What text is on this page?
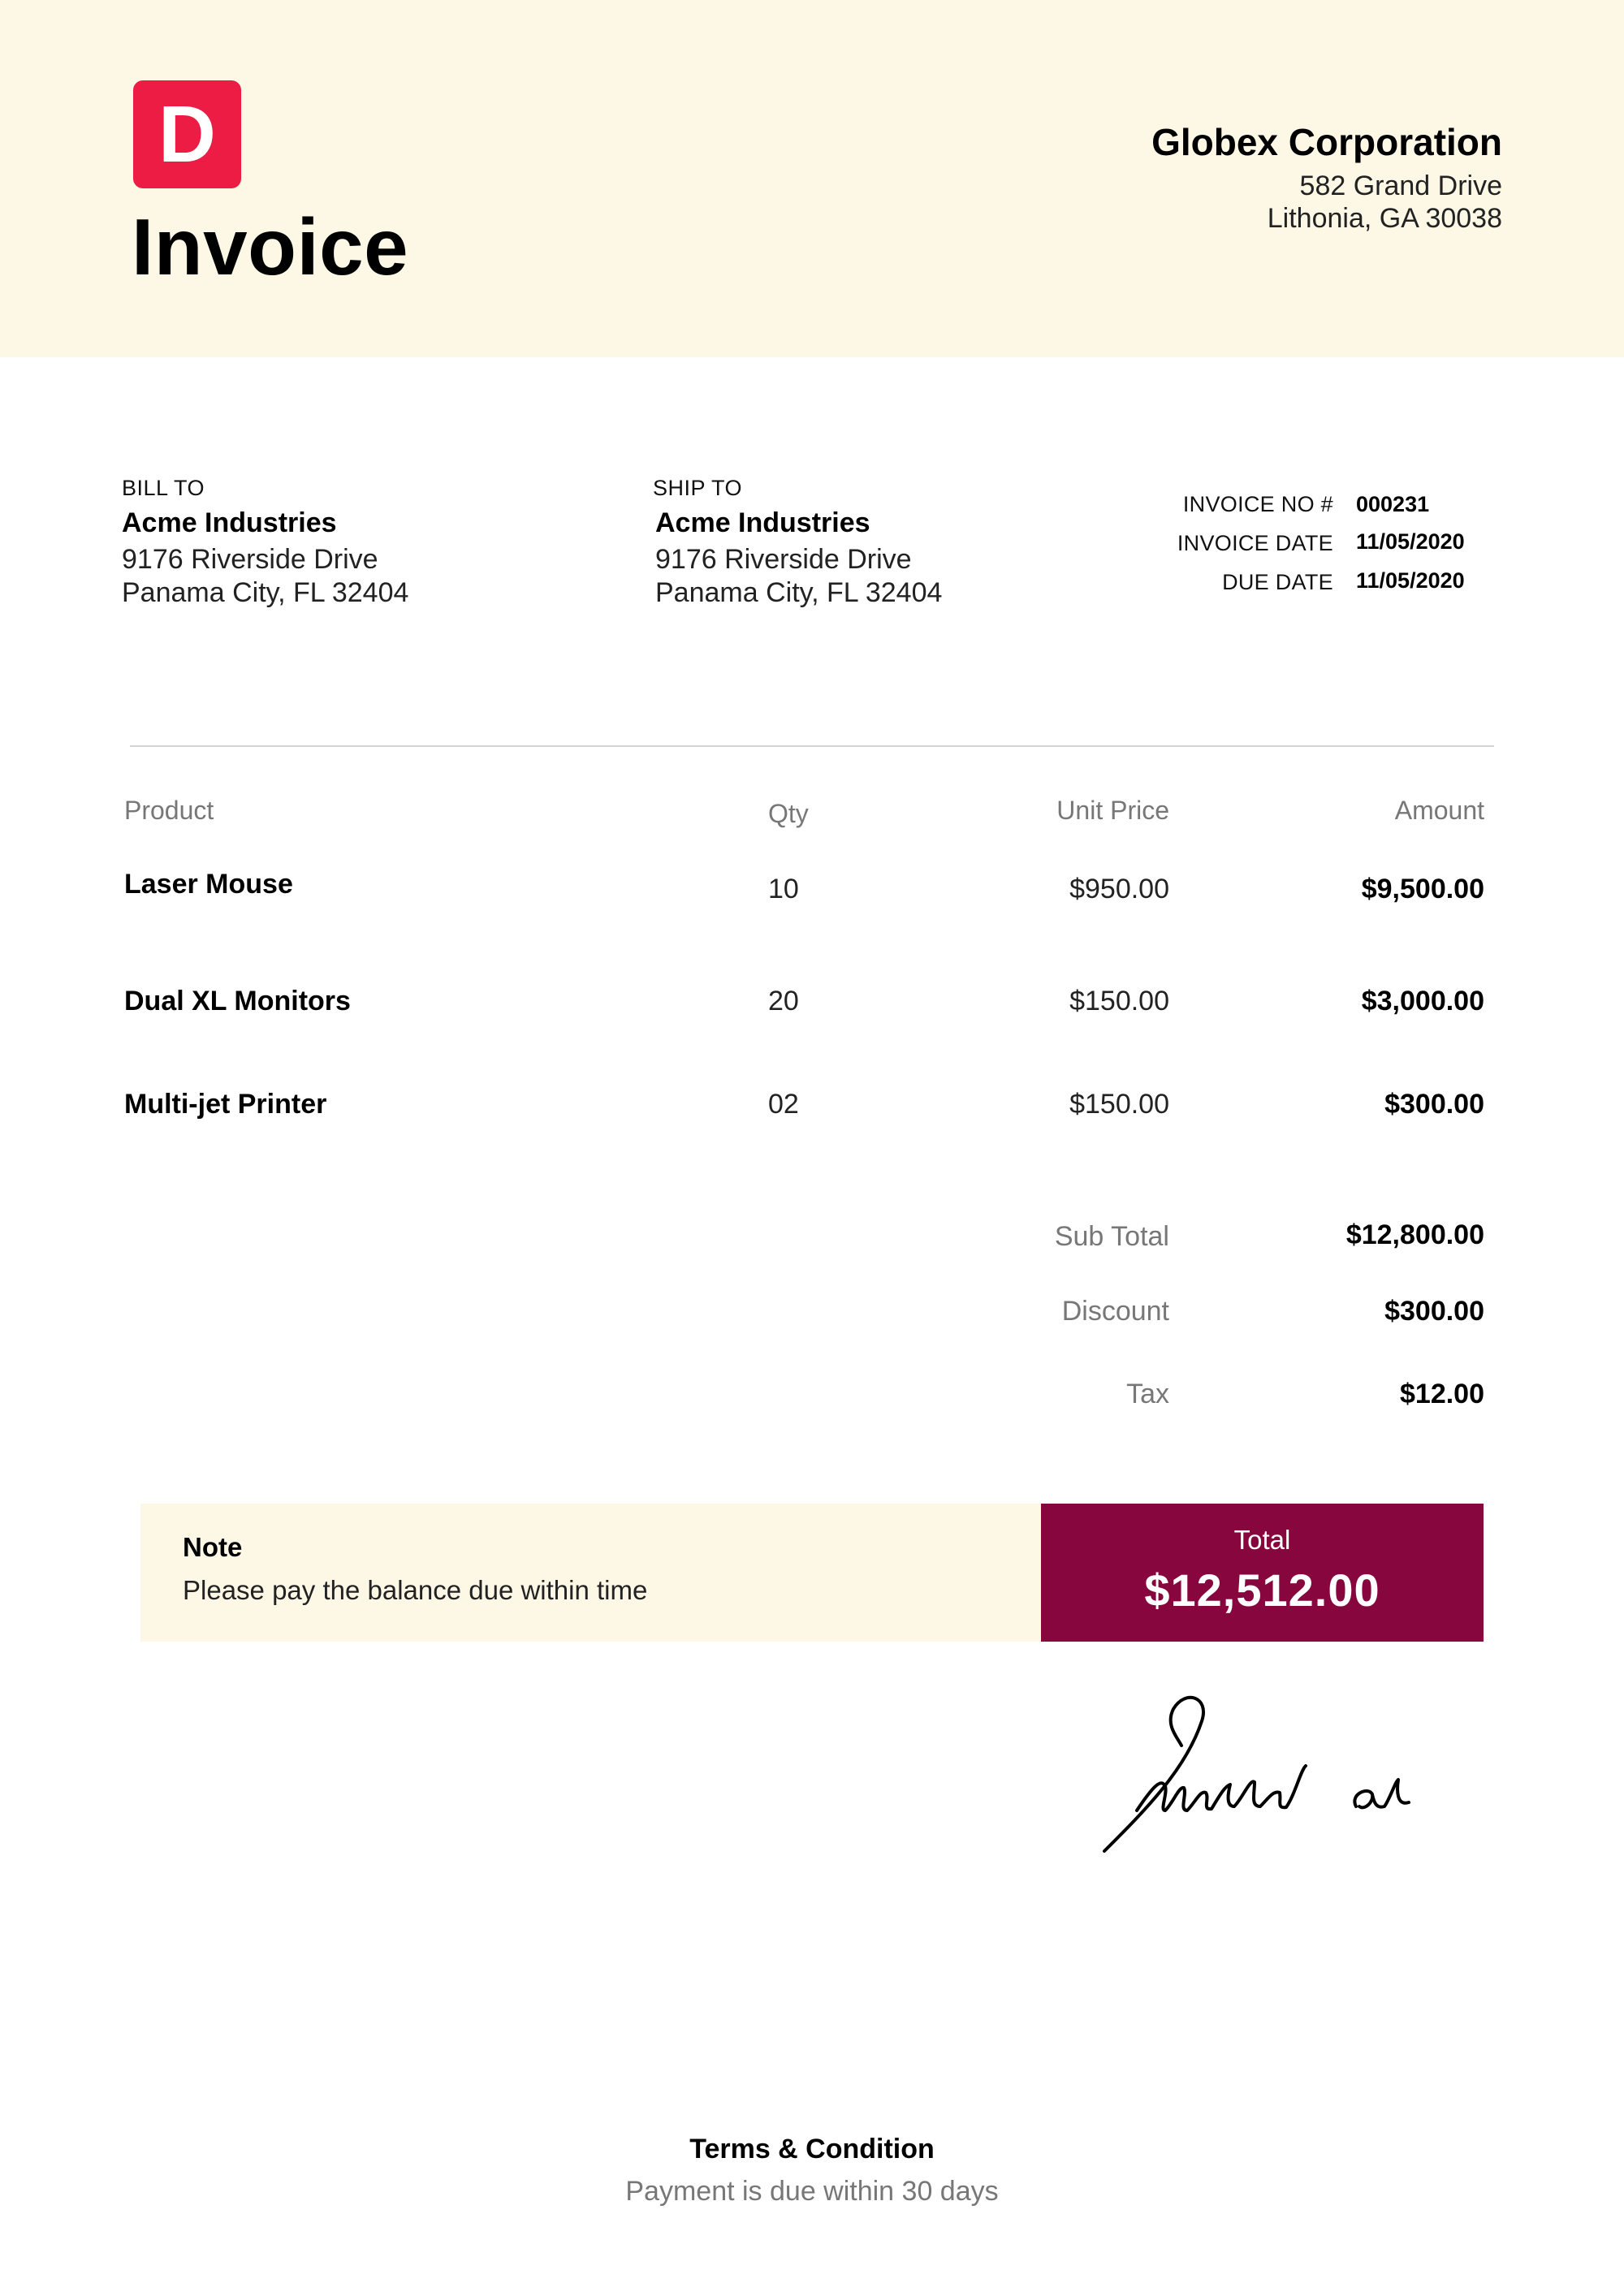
D
Invoice
Globex Corporation
582 Grand Drive
Lithonia, GA 30038
BILL TO
Acme Industries
9176 Riverside Drive
Panama City, FL 32404
SHIP TO
Acme Industries
9176 Riverside Drive
Panama City, FL 32404
INVOICE NO # 000231
INVOICE DATE 11/05/2020
DUE DATE 11/05/2020
Product	Qty	Unit Price	Amount
Laser Mouse	10	$950.00	$9,500.00
Dual XL Monitors	20	$150.00	$3,000.00
Multi-jet Printer	02	$150.00	$300.00
Sub Total	$12,800.00
Discount	$300.00
Tax	$12.00
Note
Please pay the balance due within time
Total
$12,512.00
Terms & Condition
Payment is due within 30 days
